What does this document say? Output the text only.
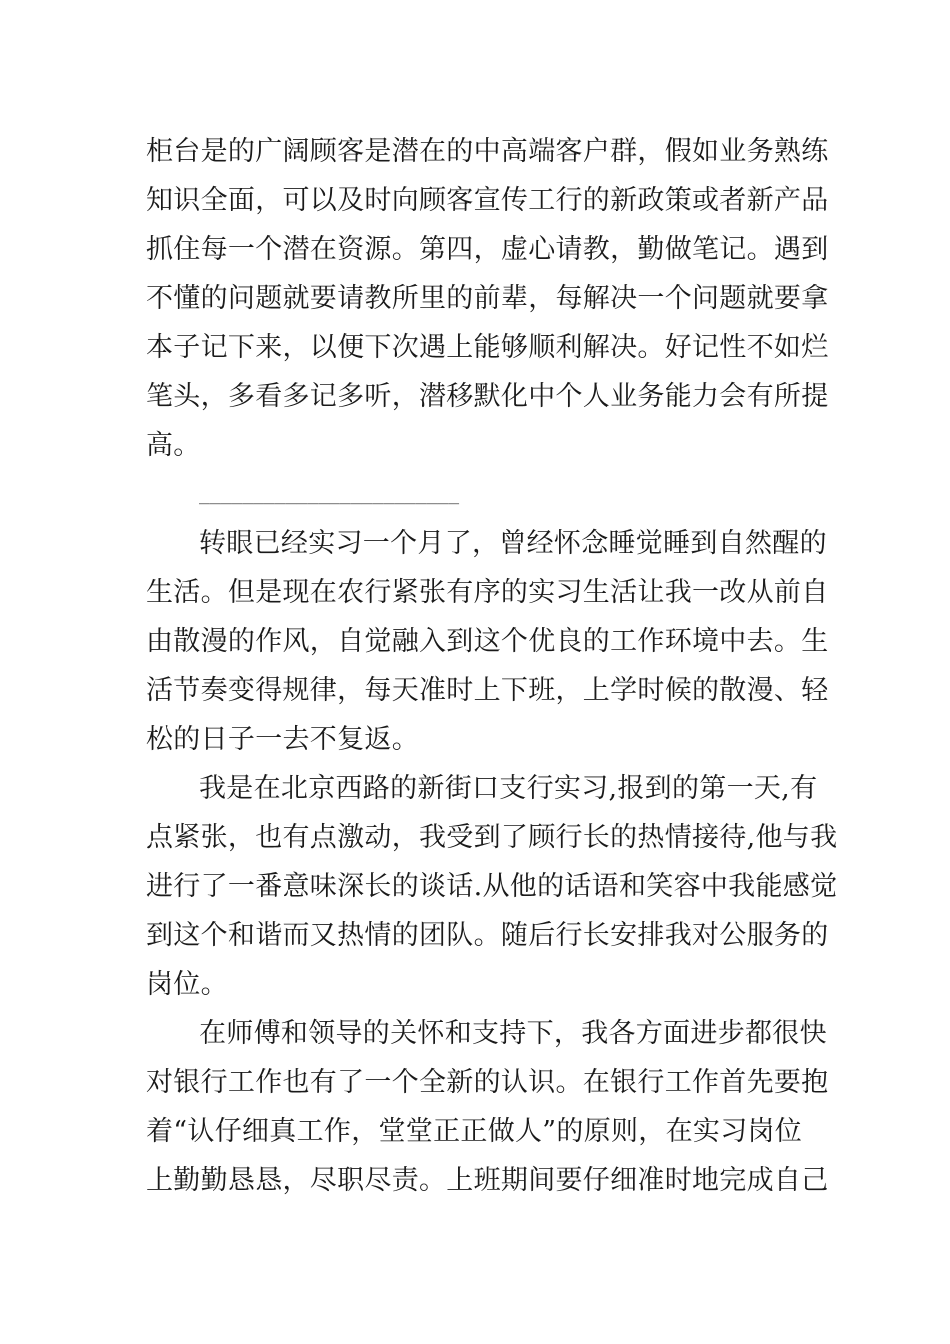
柜台是的广阔顾客是潜在的中高端客户群，假如业务熟练
知识全面，可以及时向顾客宣传工行的新政策或者新产品
抓住每一个潜在资源。第四，虚心请教，勤做笔记。遇到
不懂的问题就要请教所里的前辈，每解决一个问题就要拿
本子记下来，以便下次遇上能够顺利解决。好记性不如烂
笔头，多看多记多听，潜移默化中个人业务能力会有所提
高。
________________________
转眼已经实习一个月了，曾经怀念睡觉睡到自然醒的
生活。但是现在农行紧张有序的实习生活让我一改从前自
由散漫的作风，自觉融入到这个优良的工作环境中去。生
活节奏变得规律，每天准时上下班，上学时候的散漫、轻
松的日子一去不复返。
我是在北京西路的新街口支行实习,报到的第一天,有
点紧张，也有点激动，我受到了顾行长的热情接待,他与我
进行了一番意味深长的谈话.从他的话语和笑容中我能感觉
到这个和谐而又热情的团队。随后行长安排我对公服务的
岗位。
在师傅和领导的关怀和支持下，我各方面进步都很快
对银行工作也有了一个全新的认识。在银行工作首先要抱
着“认仔细真工作，堂堂正正做人”的原则，在实习岗位
上勤勤恳恳，尽职尽责。上班期间要仔细准时地完成自己
